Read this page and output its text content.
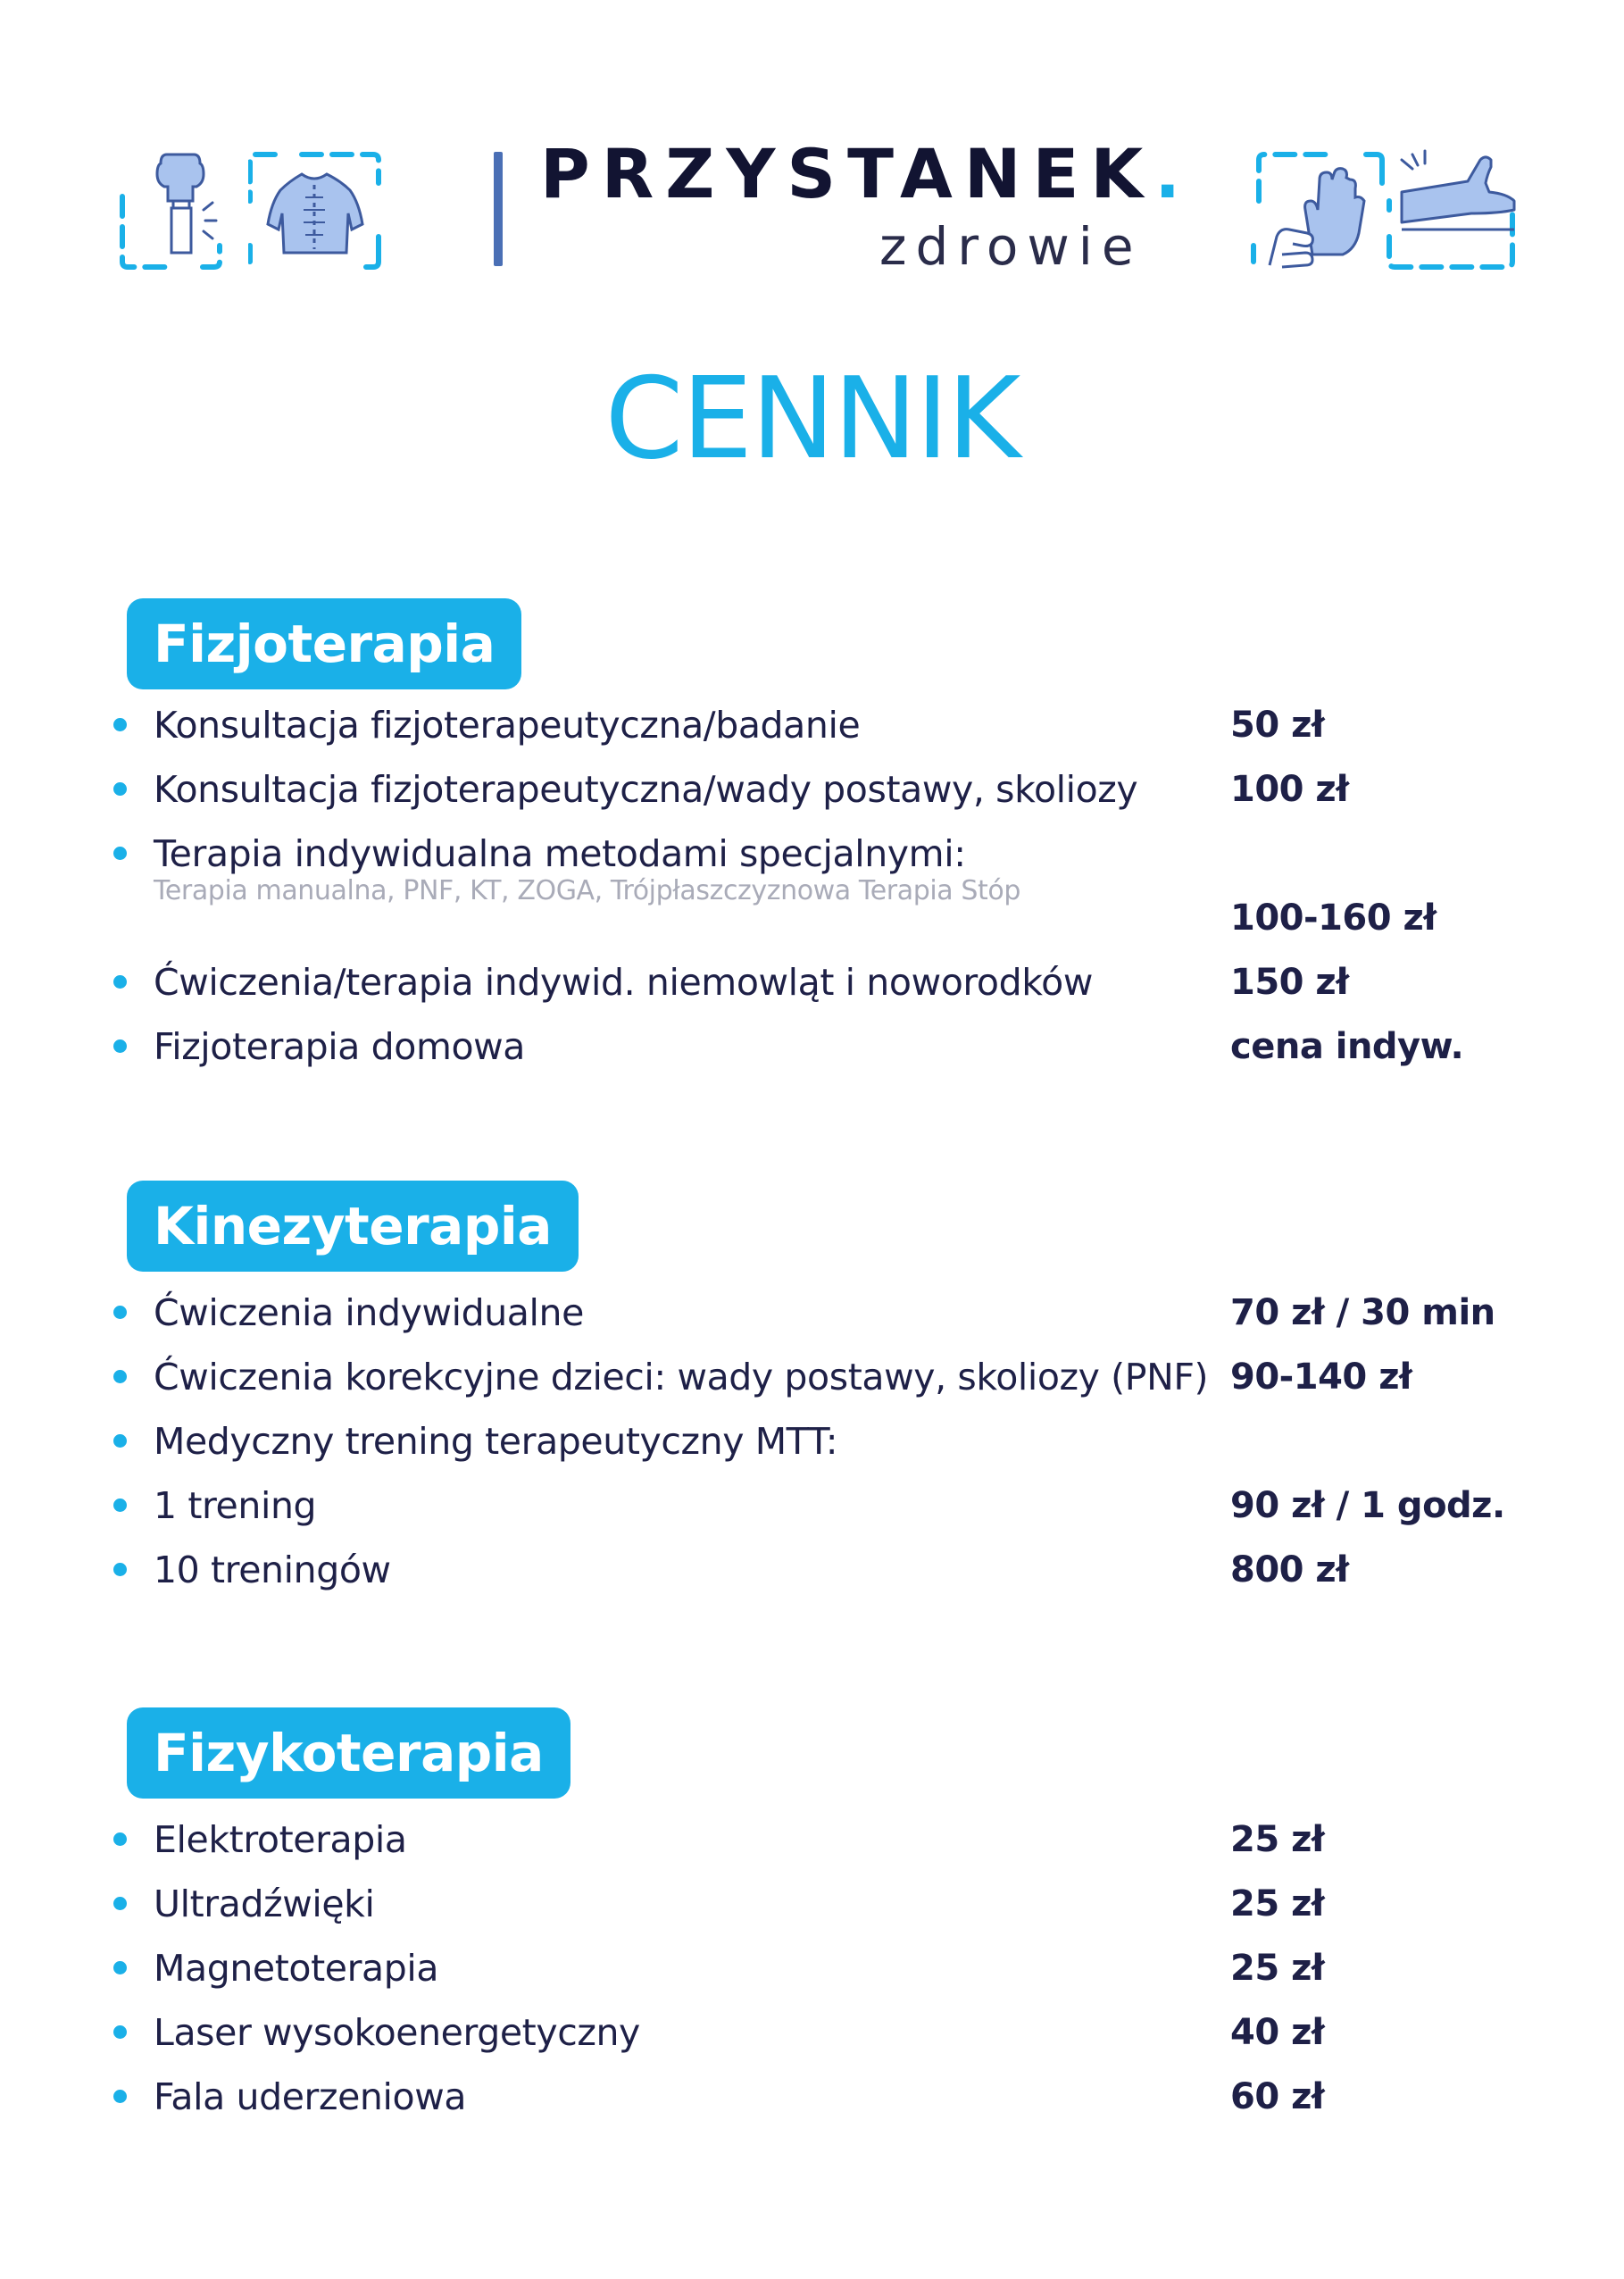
PRZYSTANEK.
zdrowie
CENNIK
Fizjoterapia
Konsultacja fizjoterapeutyczna/badanie	50 zł
Konsultacja fizjoterapeutyczna/wady postawy, skoliozy	100 zł
Terapia indywidualna metodami specjalnymi:
Terapia manualna, PNF, KT, ZOGA, Trójpłaszczyznowa Terapia Stóp
100-160 zł
Ćwiczenia/terapia indywid. niemowląt i noworodków	150 zł
Fizjoterapia domowa	cena indyw.
Kinezyterapia
Ćwiczenia indywidualne	70 zł / 30 min
Ćwiczenia korekcyjne dzieci: wady postawy, skoliozy (PNF) 90-140 zł
Medyczny trening terapeutyczny MTT:
1 trening	90 zł / 1 godz.
10 treningów	800 zł
Fizykoterapia
Elektroterapia	25 zł
Ultradźwięki	25 zł
Magnetoterapia	25 zł
Laser wysokoenergetyczny	40 zł
Fala uderzeniowa	60 zł
